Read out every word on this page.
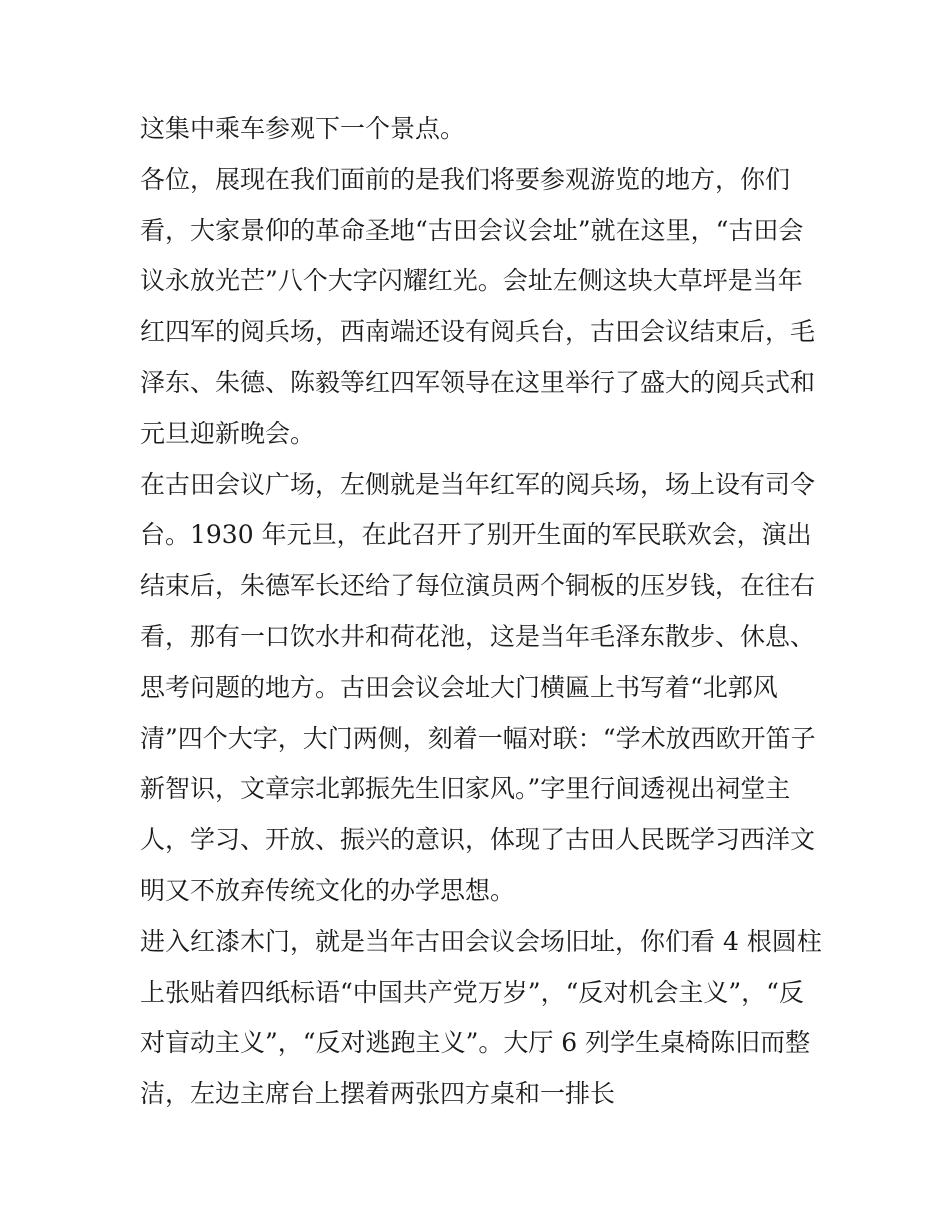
这集中乘车参观下一个景点。
各位，展现在我们面前的是我们将要参观游览的地方，你们
看，大家景仰的革命圣地“古田会议会址”就在这里，“古田会
议永放光芒”八个大字闪耀红光。会址左侧这块大草坪是当年
红四军的阅兵场，西南端还设有阅兵台，古田会议结束后，毛
泽东、朱德、陈毅等红四军领导在这里举行了盛大的阅兵式和
元旦迎新晚会。
在古田会议广场，左侧就是当年红军的阅兵场，场上设有司令
台。1930 年元旦，在此召开了别开生面的军民联欢会，演出
结束后，朱德军长还给了每位演员两个铜板的压岁钱，在往右
看，那有一口饮水井和荷花池，这是当年毛泽东散步、休息、
思考问题的地方。古田会议会址大门横匾上书写着“北郭风
清”四个大字，大门两侧，刻着一幅对联：“学术放西欧开笛子
新智识，文章宗北郭振先生旧家风。”字里行间透视出祠堂主
人，学习、开放、振兴的意识，体现了古田人民既学习西洋文
明又不放弃传统文化的办学思想。
进入红漆木门，就是当年古田会议会场旧址，你们看 4 根圆柱
上张贴着四纸标语“中国共产党万岁”，“反对机会主义”，“反
对盲动主义”，“反对逃跑主义”。大厅 6 列学生桌椅陈旧而整
洁，左边主席台上摆着两张四方桌和一排长
